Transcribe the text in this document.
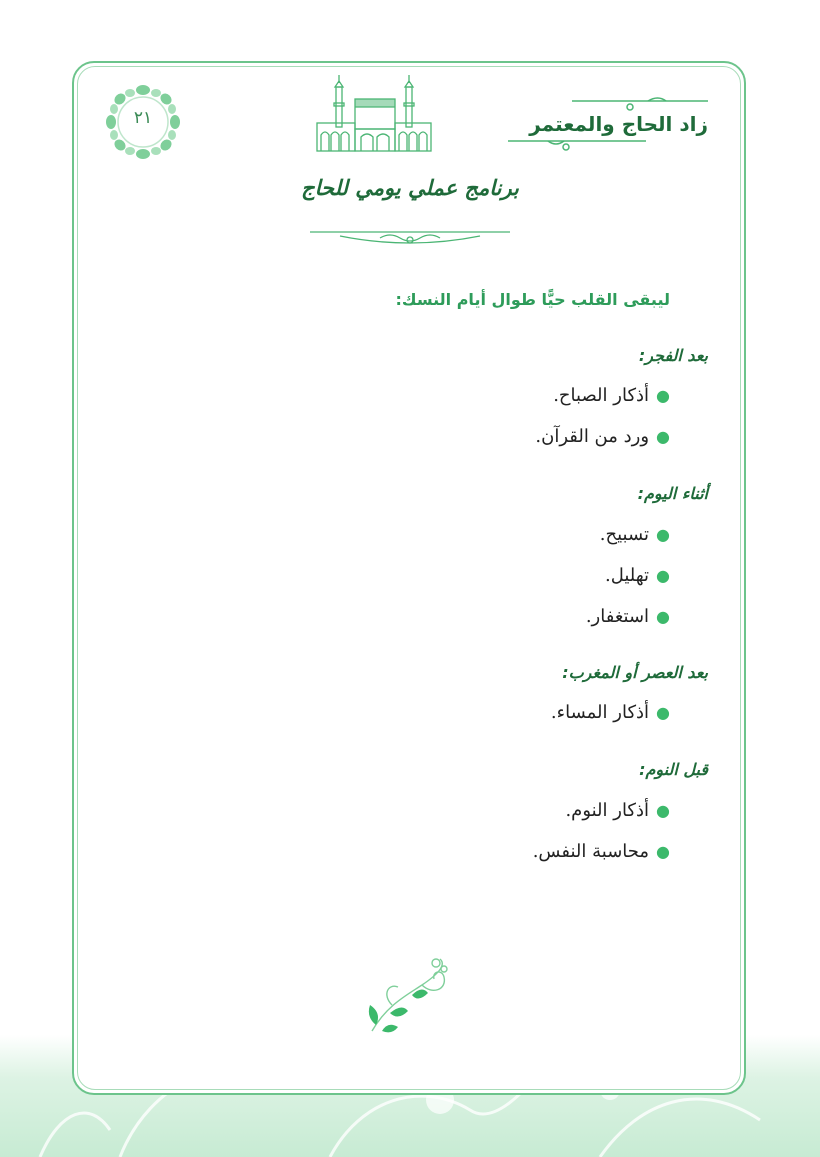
٢١	زاد الحاج والمعتمر
برنامج عملي يومي للحاج
ليبقى القلب حيًّا طوال أيام النسك:
بعد الفجر:
●أذكار الصباح.
●ورد من القرآن.
أثناء اليوم:
●تسبيح.
●تهليل.
●استغفار.
بعد العصر أو المغرب:
●أذكار المساء.
قبل النوم:
●أذكار النوم.
●محاسبة النفس.
